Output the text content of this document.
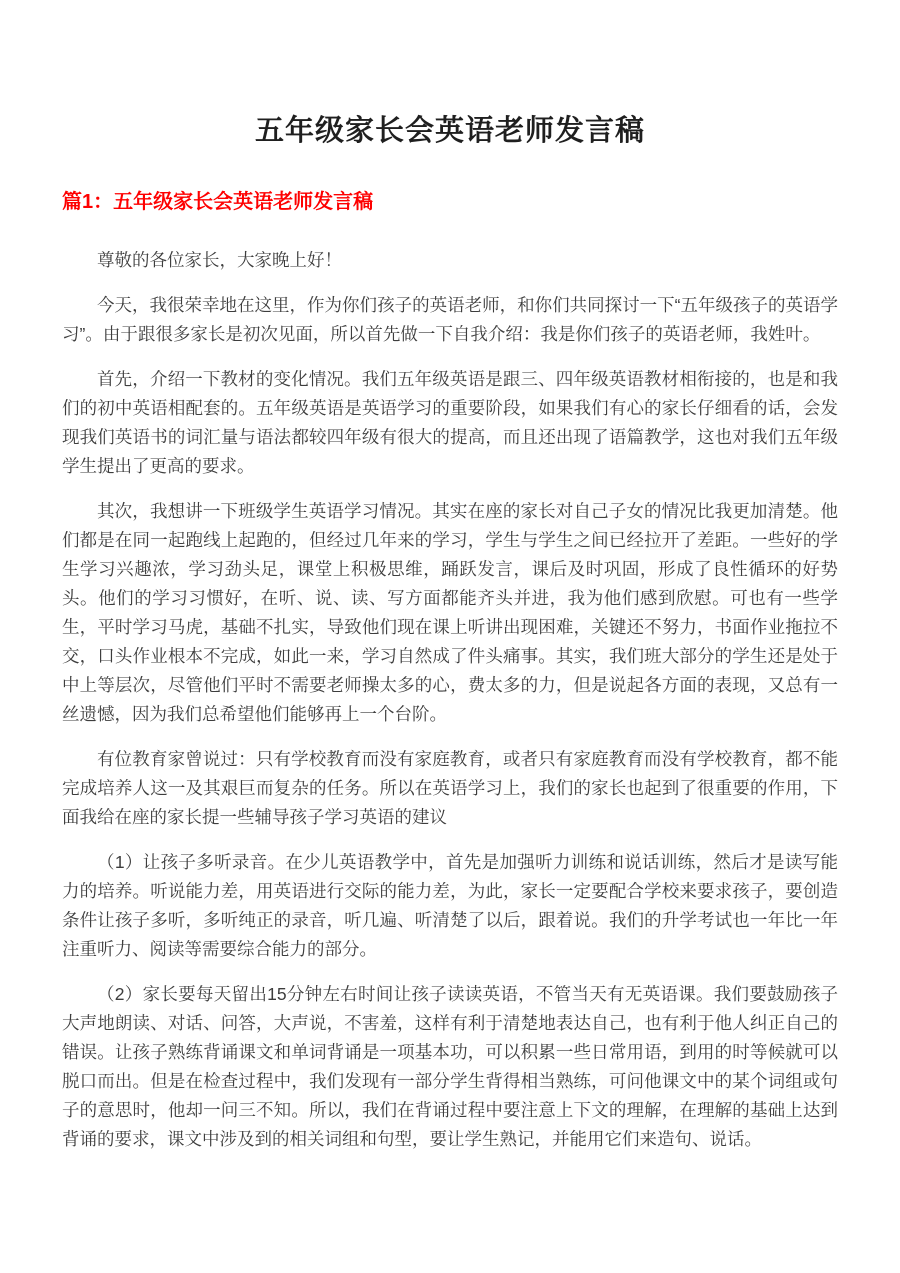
五年级家长会英语老师发言稿
篇1：五年级家长会英语老师发言稿

尊敬的各位家长，大家晚上好！

今天，我很荣幸地在这里，作为你们孩子的英语老师，和你们共同探讨一下“五年级孩子的英语学习”。由于跟很多家长是初次见面，所以首先做一下自我介绍：我是你们孩子的英语老师，我姓叶。

首先，介绍一下教材的变化情况。我们五年级英语是跟三、四年级英语教材相衔接的，也是和我们的初中英语相配套的。五年级英语是英语学习的重要阶段，如果我们有心的家长仔细看的话，会发现我们英语书的词汇量与语法都较四年级有很大的提高，而且还出现了语篇教学，这也对我们五年级学生提出了更高的要求。

其次，我想讲一下班级学生英语学习情况。其实在座的家长对自己子女的情况比我更加清楚。他们都是在同一起跑线上起跑的，但经过几年来的学习，学生与学生之间已经拉开了差距。一些好的学生学习兴趣浓，学习劲头足，课堂上积极思维，踊跃发言，课后及时巩固，形成了良性循环的好势头。他们的学习习惯好，在听、说、读、写方面都能齐头并进，我为他们感到欣慰。可也有一些学生，平时学习马虎，基础不扎实，导致他们现在课上听讲出现困难，关键还不努力，书面作业拖拉不交，口头作业根本不完成，如此一来，学习自然成了件头痛事。其实，我们班大部分的学生还是处于中上等层次，尽管他们平时不需要老师操太多的心，费太多的力，但是说起各方面的表现，又总有一丝遗憾，因为我们总希望他们能够再上一个台阶。

有位教育家曾说过：只有学校教育而没有家庭教育，或者只有家庭教育而没有学校教育，都不能完成培养人这一及其艰巨而复杂的任务。所以在英语学习上，我们的家长也起到了很重要的作用，下面我给在座的家长提一些辅导孩子学习英语的建议

（1）让孩子多听录音。在少儿英语教学中，首先是加强听力训练和说话训练，然后才是读写能力的培养。听说能力差，用英语进行交际的能力差，为此，家长一定要配合学校来要求孩子，要创造条件让孩子多听，多听纯正的录音，听几遍、听清楚了以后，跟着说。我们的升学考试也一年比一年注重听力、阅读等需要综合能力的部分。

（2）家长要每天留出15分钟左右时间让孩子读读英语，不管当天有无英语课。我们要鼓励孩子大声地朗读、对话、问答，大声说，不害羞，这样有利于清楚地表达自己，也有利于他人纠正自己的错误。让孩子熟练背诵课文和单词背诵是一项基本功，可以积累一些日常用语，到用的时等候就可以脱口而出。但是在检查过程中，我们发现有一部分学生背得相当熟练，可问他课文中的某个词组或句子的意思时，他却一问三不知。所以，我们在背诵过程中要注意上下文的理解，在理解的基础上达到背诵的要求，课文中涉及到的相关词组和句型，要让学生熟记，并能用它们来造句、说话。
